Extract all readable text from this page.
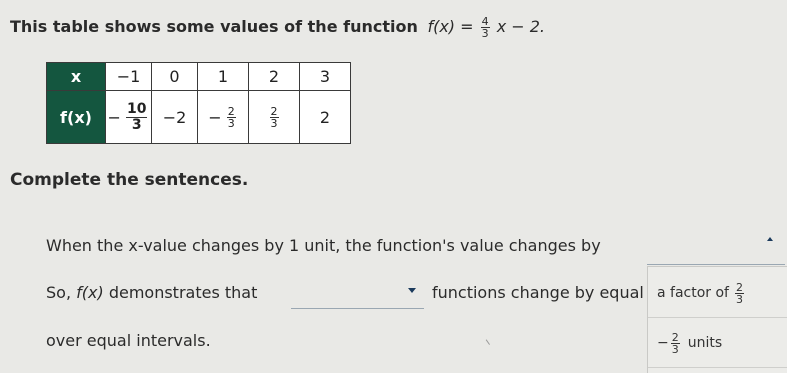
This table shows some values of the function $f(x) = \frac{4}{3}$ x − 2.
x	−1	0	1	2	3
f(x)	− $\frac{10}{3}$	−2	− $\frac{2}{3}$	$\frac{2}{3}$	2
Complete the sentences.
When the x-value changes by 1 unit, the function's value changes by
So, f(x) demonstrates that	functions change by equal
over equal intervals.
a factor of $\frac{2}{3}$
− $\frac{2}{3}$ units
